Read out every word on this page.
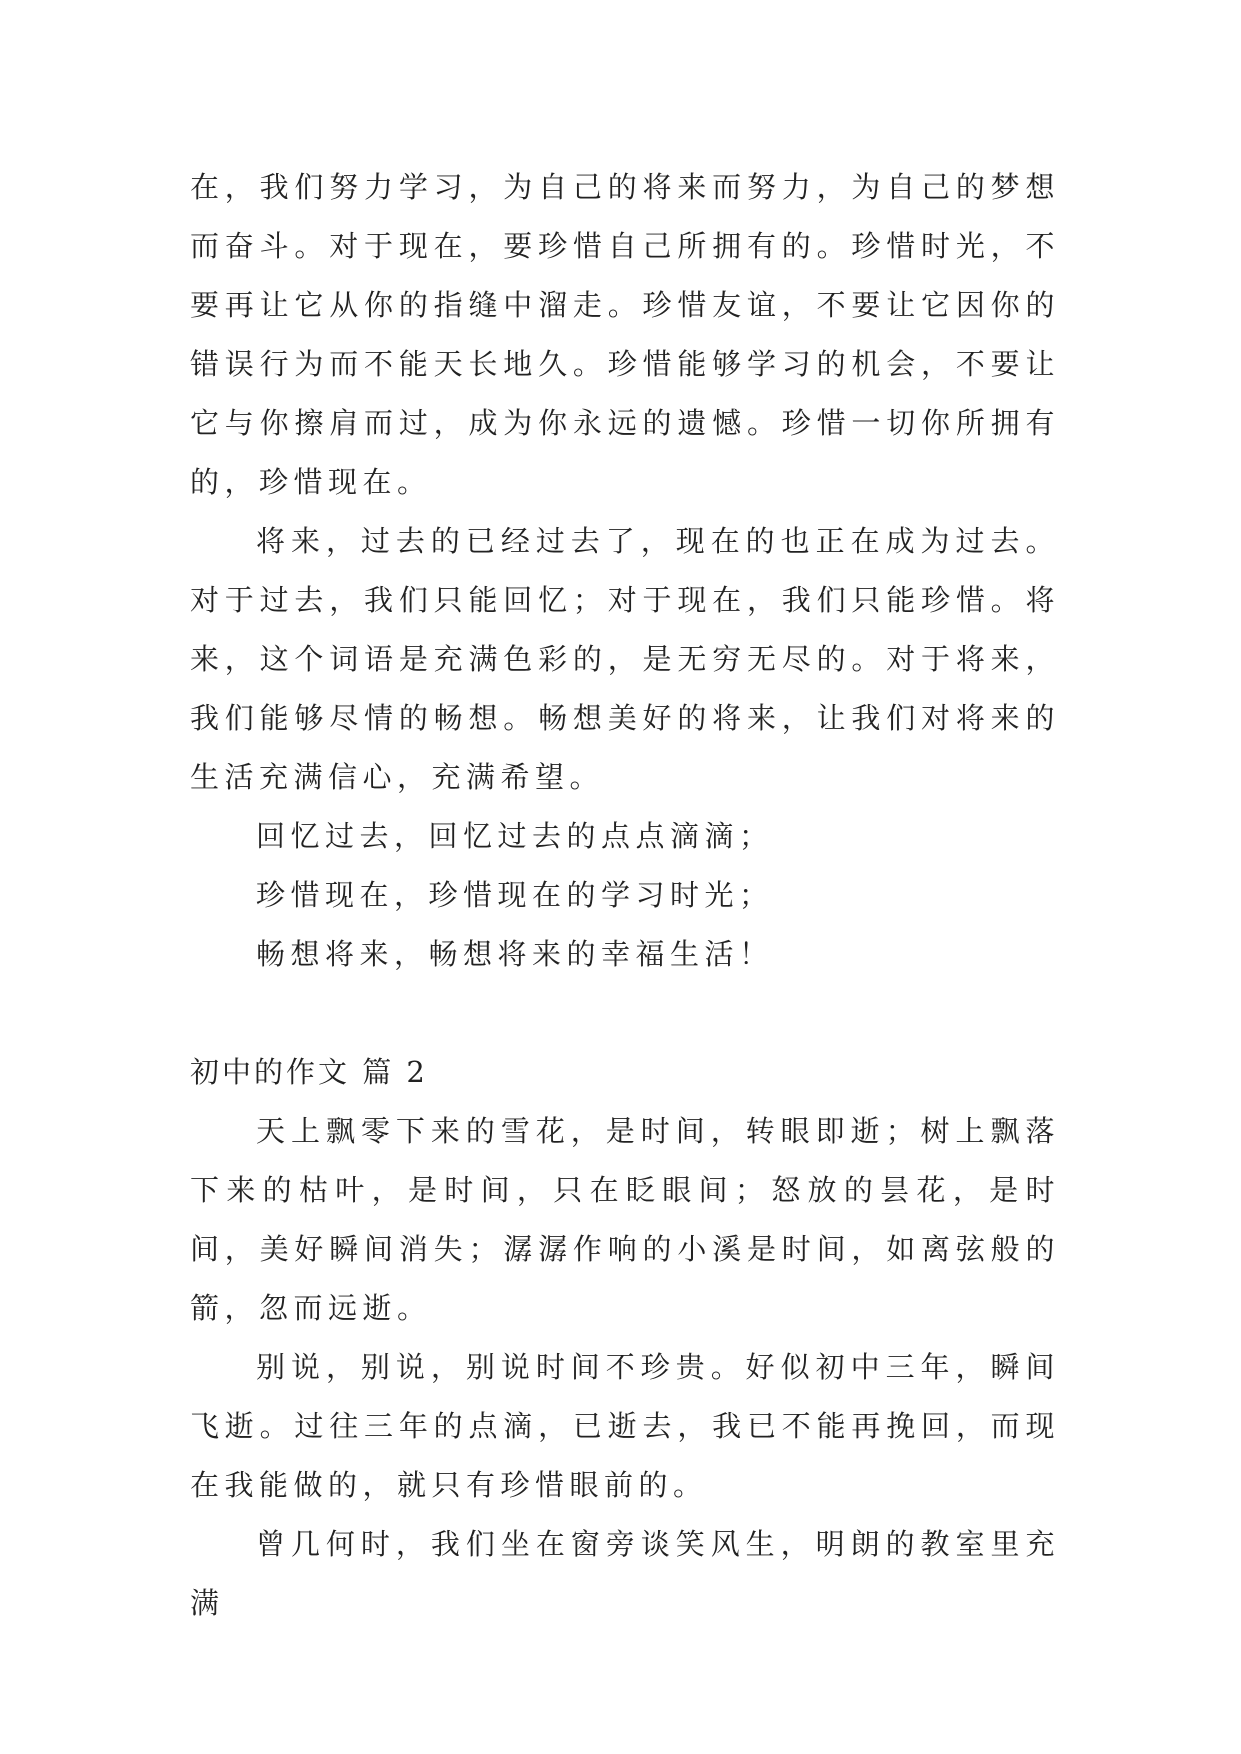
在，我们努力学习，为自己的将来而努力，为自己的梦想而奋斗。对于现在，要珍惜自己所拥有的。珍惜时光，不要再让它从你的指缝中溜走。珍惜友谊，不要让它因你的错误行为而不能天长地久。珍惜能够学习的机会，不要让它与你擦肩而过，成为你永远的遗憾。珍惜一切你所拥有的，珍惜现在。

将来，过去的已经过去了，现在的也正在成为过去。对于过去，我们只能回忆；对于现在，我们只能珍惜。将来，这个词语是充满色彩的，是无穷无尽的。对于将来，我们能够尽情的畅想。畅想美好的将来，让我们对将来的生活充满信心，充满希望。

回忆过去，回忆过去的点点滴滴；

珍惜现在，珍惜现在的学习时光；

畅想将来，畅想将来的幸福生活！

初中的作文 篇 2

天上飘零下来的雪花，是时间，转眼即逝；树上飘落下来的枯叶，是时间，只在眨眼间；怒放的昙花，是时间，美好瞬间消失；潺潺作响的小溪是时间，如离弦般的箭，忽而远逝。

别说，别说，别说时间不珍贵。好似初中三年，瞬间飞逝。过往三年的点滴，已逝去，我已不能再挽回，而现在我能做的，就只有珍惜眼前的。

曾几何时，我们坐在窗旁谈笑风生，明朗的教室里充满
